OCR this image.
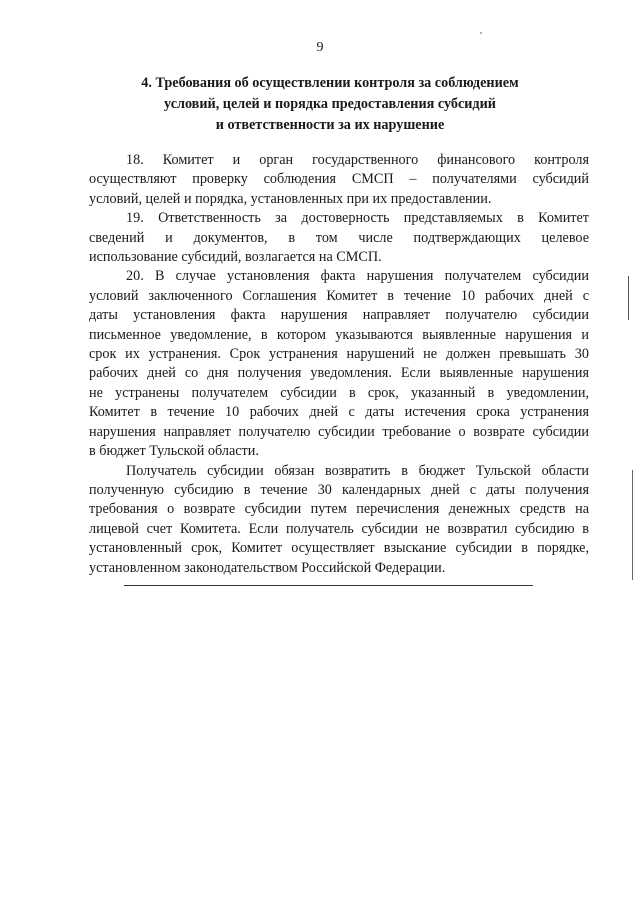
9
4. Требования об осуществлении контроля за соблюдением
условий, целей и порядка предоставления субсидий
и ответственности за их нарушение

18. Комитет и орган государственного финансового контроля
осуществляют проверку соблюдения СМСП – получателями субсидий
условий, целей и порядка, установленных при их предоставлении.

19. Ответственность за достоверность представляемых в Комитет
сведений и документов, в том числе подтверждающих целевое
использование субсидий, возлагается на СМСП.

20. В случае установления факта нарушения получателем субсидии
условий заключенного Соглашения Комитет в течение 10 рабочих дней с
даты установления факта нарушения направляет получателю субсидии
письменное уведомление, в котором указываются выявленные нарушения и
срок их устранения. Срок устранения нарушений не должен превышать 30
рабочих дней со дня получения уведомления. Если выявленные нарушения
не устранены получателем субсидии в срок, указанный в уведомлении,
Комитет в течение 10 рабочих дней с даты истечения срока устранения
нарушения направляет получателю субсидии требование о возврате субсидии
в бюджет Тульской области.

Получатель субсидии обязан возвратить в бюджет Тульской области
полученную субсидию в течение 30 календарных дней с даты получения
требования о возврате субсидии путем перечисления денежных средств на
лицевой счет Комитета. Если получатель субсидии не возвратил субсидию в
установленный срок, Комитет осуществляет взыскание субсидии в порядке,
установленном законодательством Российской Федерации.
